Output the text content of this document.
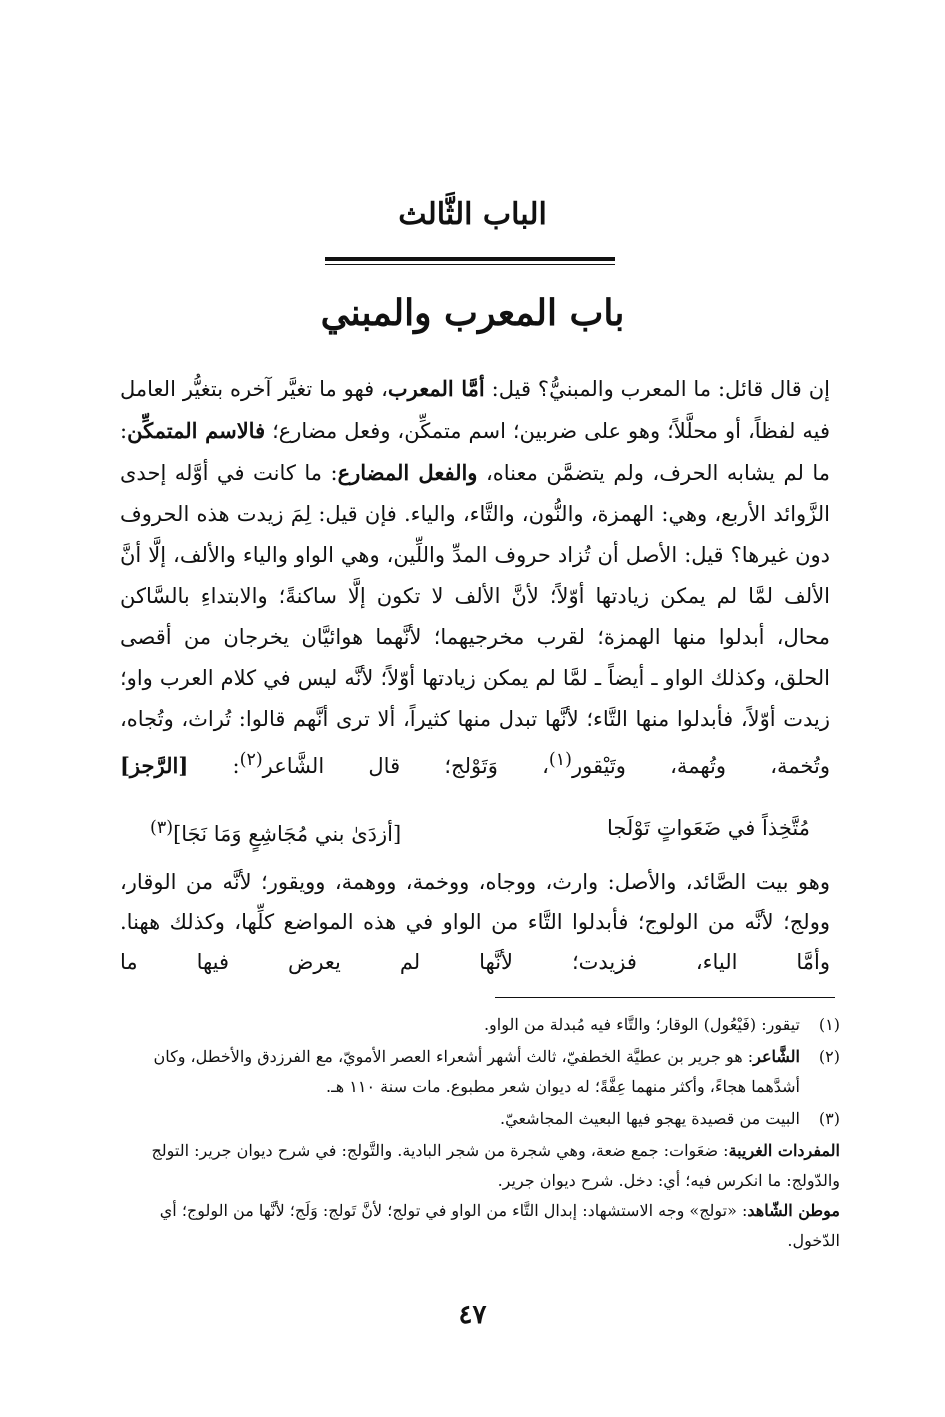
الباب الثَّالث
باب المعرب والمبني

إن قال قائل: ما المعرب والمبنيُّ؟ قيل: أمَّا المعرب، فهو ما تغيَّر آخره بتغيُّر العامل فيه لفظاً، أو محلَّلاً؛ وهو على ضربين؛ اسم متمكِّن، وفعل مضارع؛ فالاسم المتمكِّن: ما لم يشابه الحرف، ولم يتضمَّن معناه، والفعل المضارع: ما كانت في أوَّله إحدى الزَّوائد الأربع، وهي: الهمزة، والنُّون، والتَّاء، والياء. فإن قيل: لِمَ زيدت هذه الحروف دون غيرها؟ قيل: الأصل أن تُزاد حروف المدِّ واللِّين، وهي الواو والياء والألف، إلَّا أنَّ الألف لمَّا لم يمكن زيادتها أوّلاً؛ لأنَّ الألف لا تكون إلَّا ساكنةً؛ والابتداءِ بالسَّاكن محال، أبدلوا منها الهمزة؛ لقرب مخرجيهما؛ لأنَّهما هوائيَّان يخرجان من أقصى الحلق، وكذلك الواو ـ أيضاً ـ لمَّا لم يمكن زيادتها أوّلاً؛ لأنَّه ليس في كلام العرب واو؛ زيدت أوّلاً، فأبدلوا منها التَّاء؛ لأنَّها تبدل منها كثيراً، ألا ترى أنَّهم قالوا: تُراث، وتُجاه، وتُخمة، وتُهمة، وتَيْقور$^{(١)}$، وَتَوْلج؛ قال الشَّاعر$^{(٢)}$: [الرَّجز]

مُتَّخِذاً في ضَعَواتٍ تَوْلَجا
[أزدَىٰ بني مُجَاشِعٍ وَمَا نَجَا]$^{(٣)}$
وهو بيت الصَّائد، والأصل: وارث، ووجاه، ووخمة، ووهمة، وويقور؛ لأنَّه من الوقار، وولج؛ لأنَّه من الولوج؛ فأبدلوا التَّاء من الواو في هذه المواضع كلِّها، وكذلك ههنا. وأمَّا الياء، فزيدت؛ لأنَّها لم يعرض فيها ما
(١)
تيقور: (فَيْعُول) الوقار؛ والتَّاء فيه مُبدلة من الواو.
(٢)
الشَّاعر: هو جرير بن عطيَّة الخطفيّ، ثالث أشهر أشعراء العصر الأمويّ، مع الفرزدق والأخطل، وكان أشدَّهما هجاءً، وأكثر منهما عِفَّةً؛ له ديوان شعر مطبوع. مات سنة ١١٠ هـ.
(٣)
البيت من قصيدة يهجو فيها البعيث المجاشعيّ.
المفردات الغريبة: ضعَوات: جمع ضعة، وهي شجرة من شجر البادية. والتَّولج: في شرح ديوان جرير: التولج والدّولج: ما انكرس فيه؛ أي: دخل. شرح ديوان جرير.
موطن الشّاهد: «تولج» وجه الاستشهاد: إبدال التَّاء من الواو في تولج؛ لأنَّ تَولج: وَلَج؛ لأنَّها من الولوج؛ أي الدّخول.
٤٧
